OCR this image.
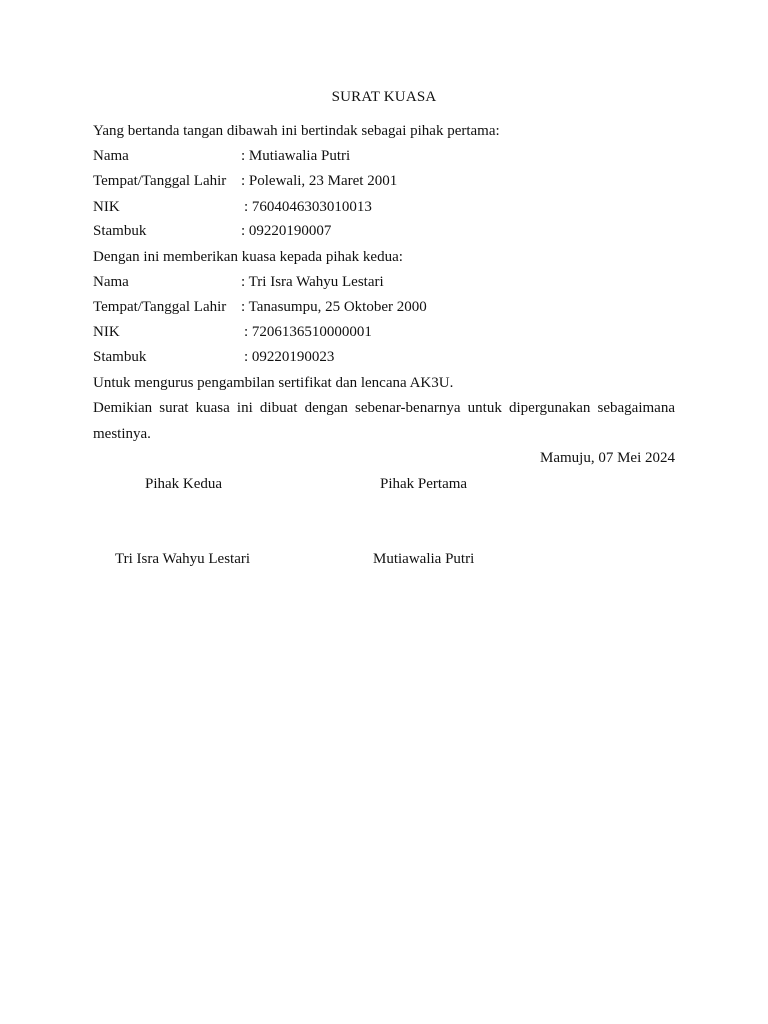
SURAT KUASA
Yang bertanda tangan dibawah ini bertindak sebagai pihak pertama:
Nama	: Mutiawalia Putri
Tempat/Tanggal Lahir : Polewali, 23 Maret 2001
NIK	: 7604046303010013
Stambuk	: 09220190007
Dengan ini memberikan kuasa kepada pihak kedua:
Nama	: Tri Isra Wahyu Lestari
Tempat/Tanggal Lahir : Tanasumpu, 25 Oktober 2000
NIK	: 7206136510000001
Stambuk	: 09220190023
Untuk mengurus pengambilan sertifikat dan lencana AK3U.
Demikian surat kuasa ini dibuat dengan sebenar-benarnya untuk dipergunakan sebagaimana
mestinya.
Mamuju, 07 Mei 2024
Pihak Kedua	Pihak Pertama
Tri Isra Wahyu Lestari	Mutiawalia Putri
